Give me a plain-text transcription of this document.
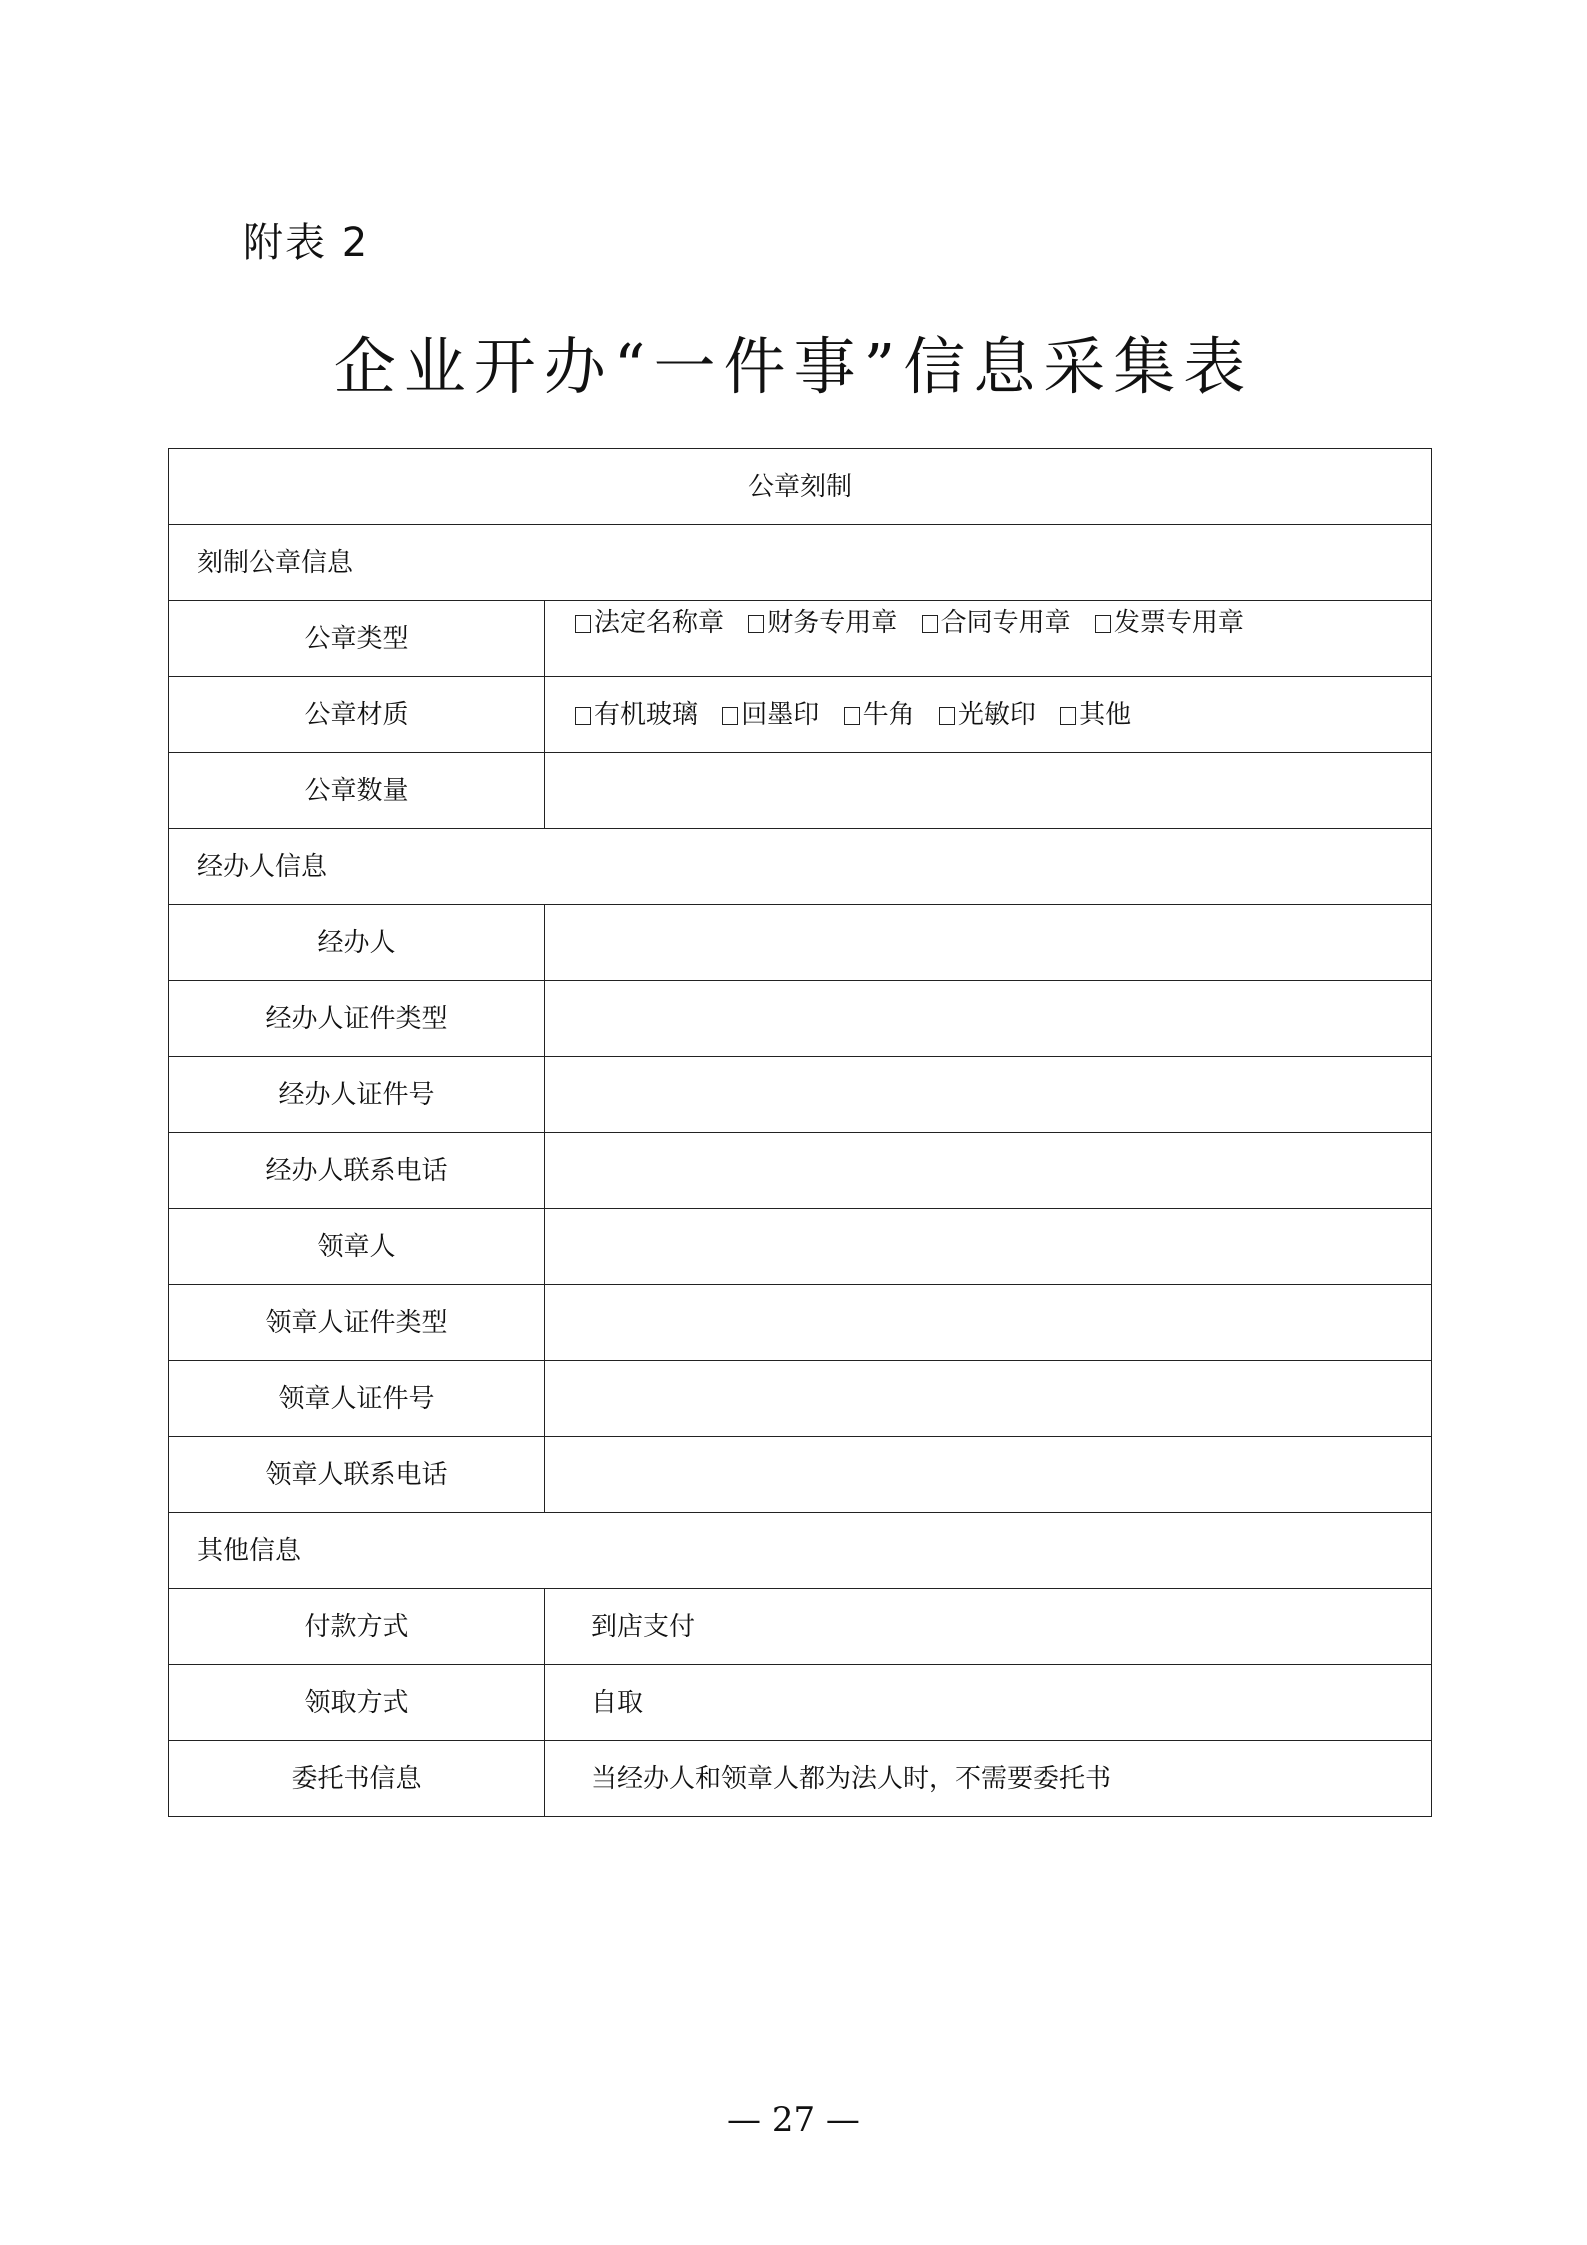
附表 2
企业开办“一件事”信息采集表
公章刻制	
刻制公章信息	
公章类型	法定名称章 财务专用章 合同专用章 发票专用章
公章材质	有机玻璃 回墨印 牛角 光敏印 其他
公章数量	
经办人信息	
经办人	
经办人证件类型	
经办人证件号	
经办人联系电话	
领章人	
领章人证件类型	
领章人证件号	
领章人联系电话	
其他信息	
付款方式	到店支付
领取方式	自取
委托书信息	当经办人和领章人都为法人时，不需要委托书
— 27 —
